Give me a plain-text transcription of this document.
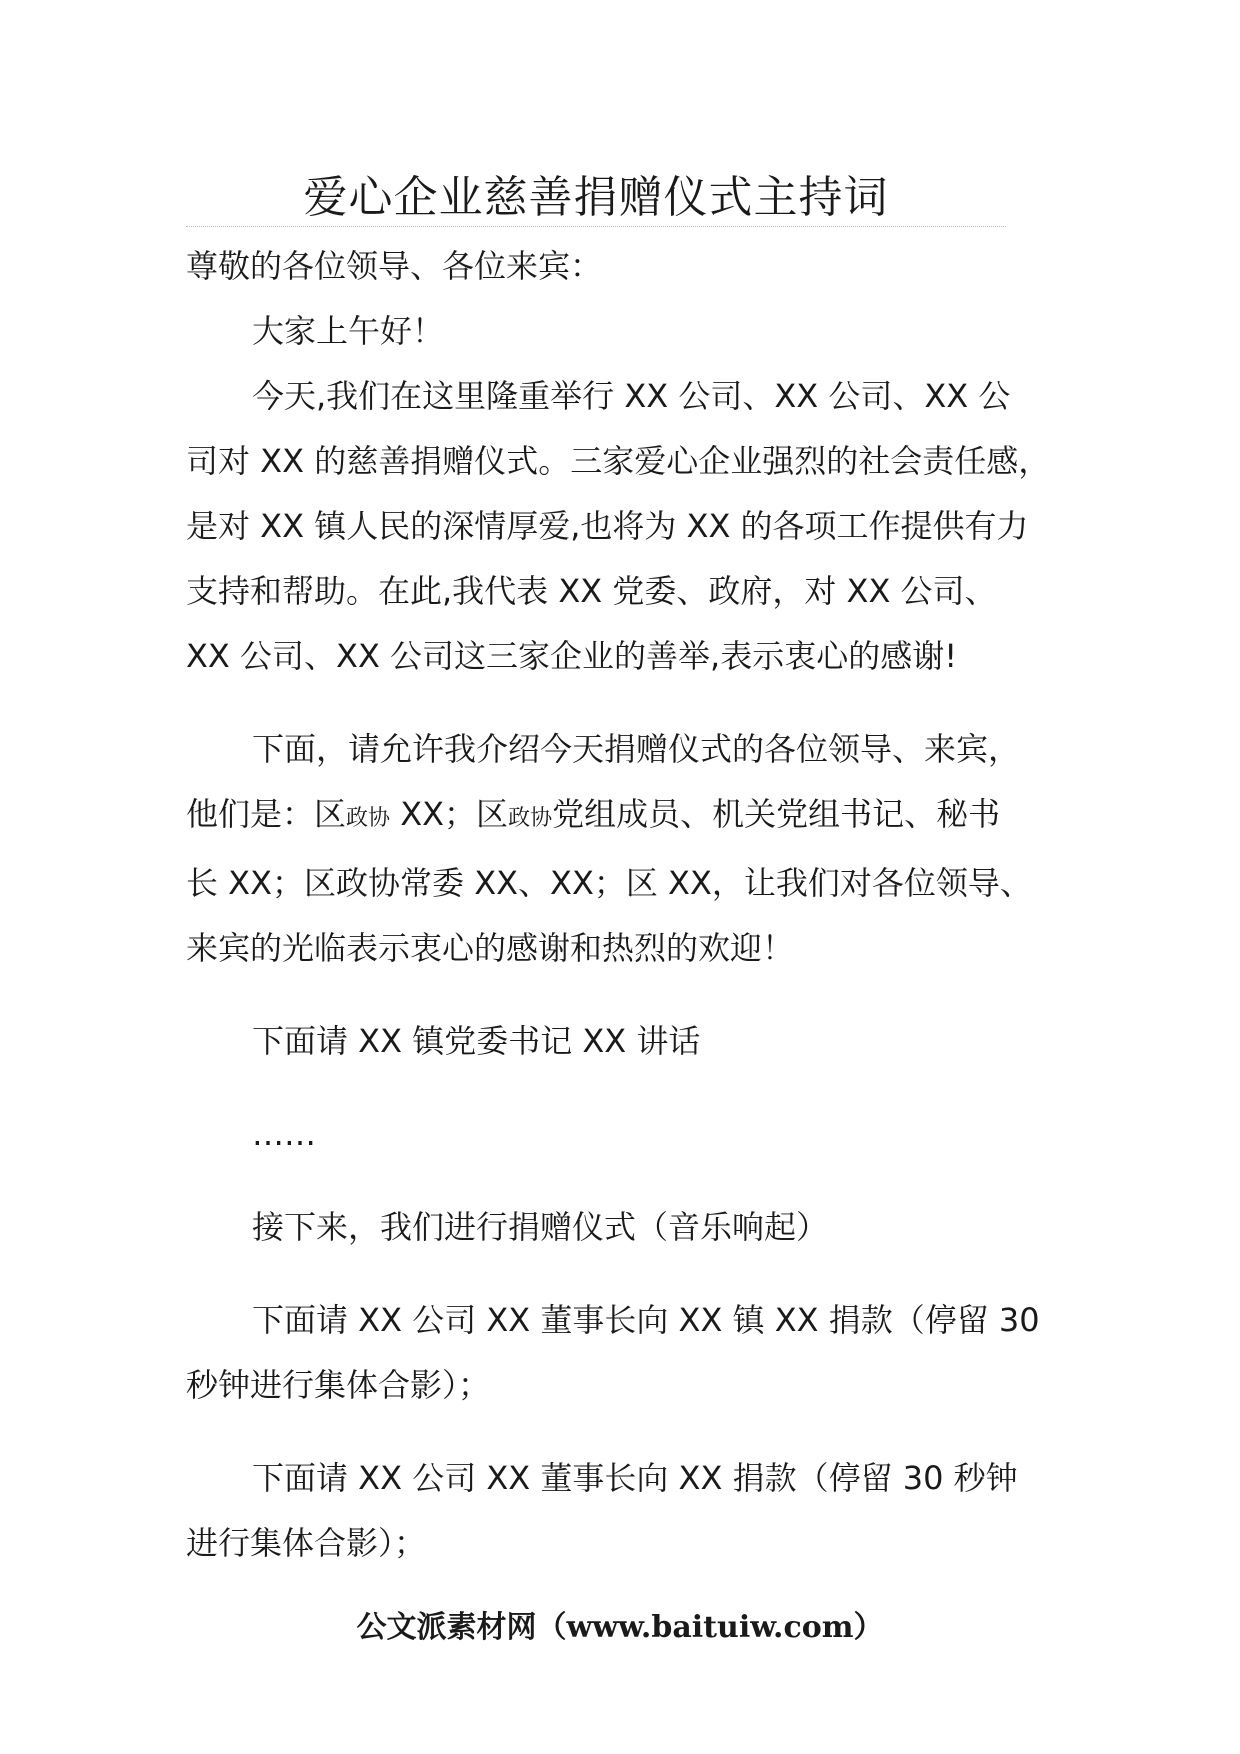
爱心企业慈善捐赠仪式主持词

尊敬的各位领导、各位来宾：

大家上午好！

今天,我们在这里隆重举行 XX 公司、XX 公司、XX 公

司对 XX 的慈善捐赠仪式。三家爱心企业强烈的社会责任感，

是对 XX 镇人民的深情厚爱,也将为 XX 的各项工作提供有力

支持和帮助。在此,我代表 XX 党委、政府，对 XX 公司、

XX 公司、XX 公司这三家企业的善举,表示衷心的感谢!

下面，请允许我介绍今天捐赠仪式的各位领导、来宾，

他们是：区政协 XX；区政协党组成员、机关党组书记、秘书

长 XX；区政协常委 XX、XX；区 XX，让我们对各位领导、

来宾的光临表示衷心的感谢和热烈的欢迎！

下面请 XX 镇党委书记 XX 讲话

……

接下来，我们进行捐赠仪式（音乐响起）

下面请 XX 公司 XX 董事长向 XX 镇 XX 捐款（停留 30

秒钟进行集体合影）；

下面请 XX 公司 XX 董事长向 XX 捐款（停留 30 秒钟

进行集体合影）；

公文派素材网（www.baituiw.com）
